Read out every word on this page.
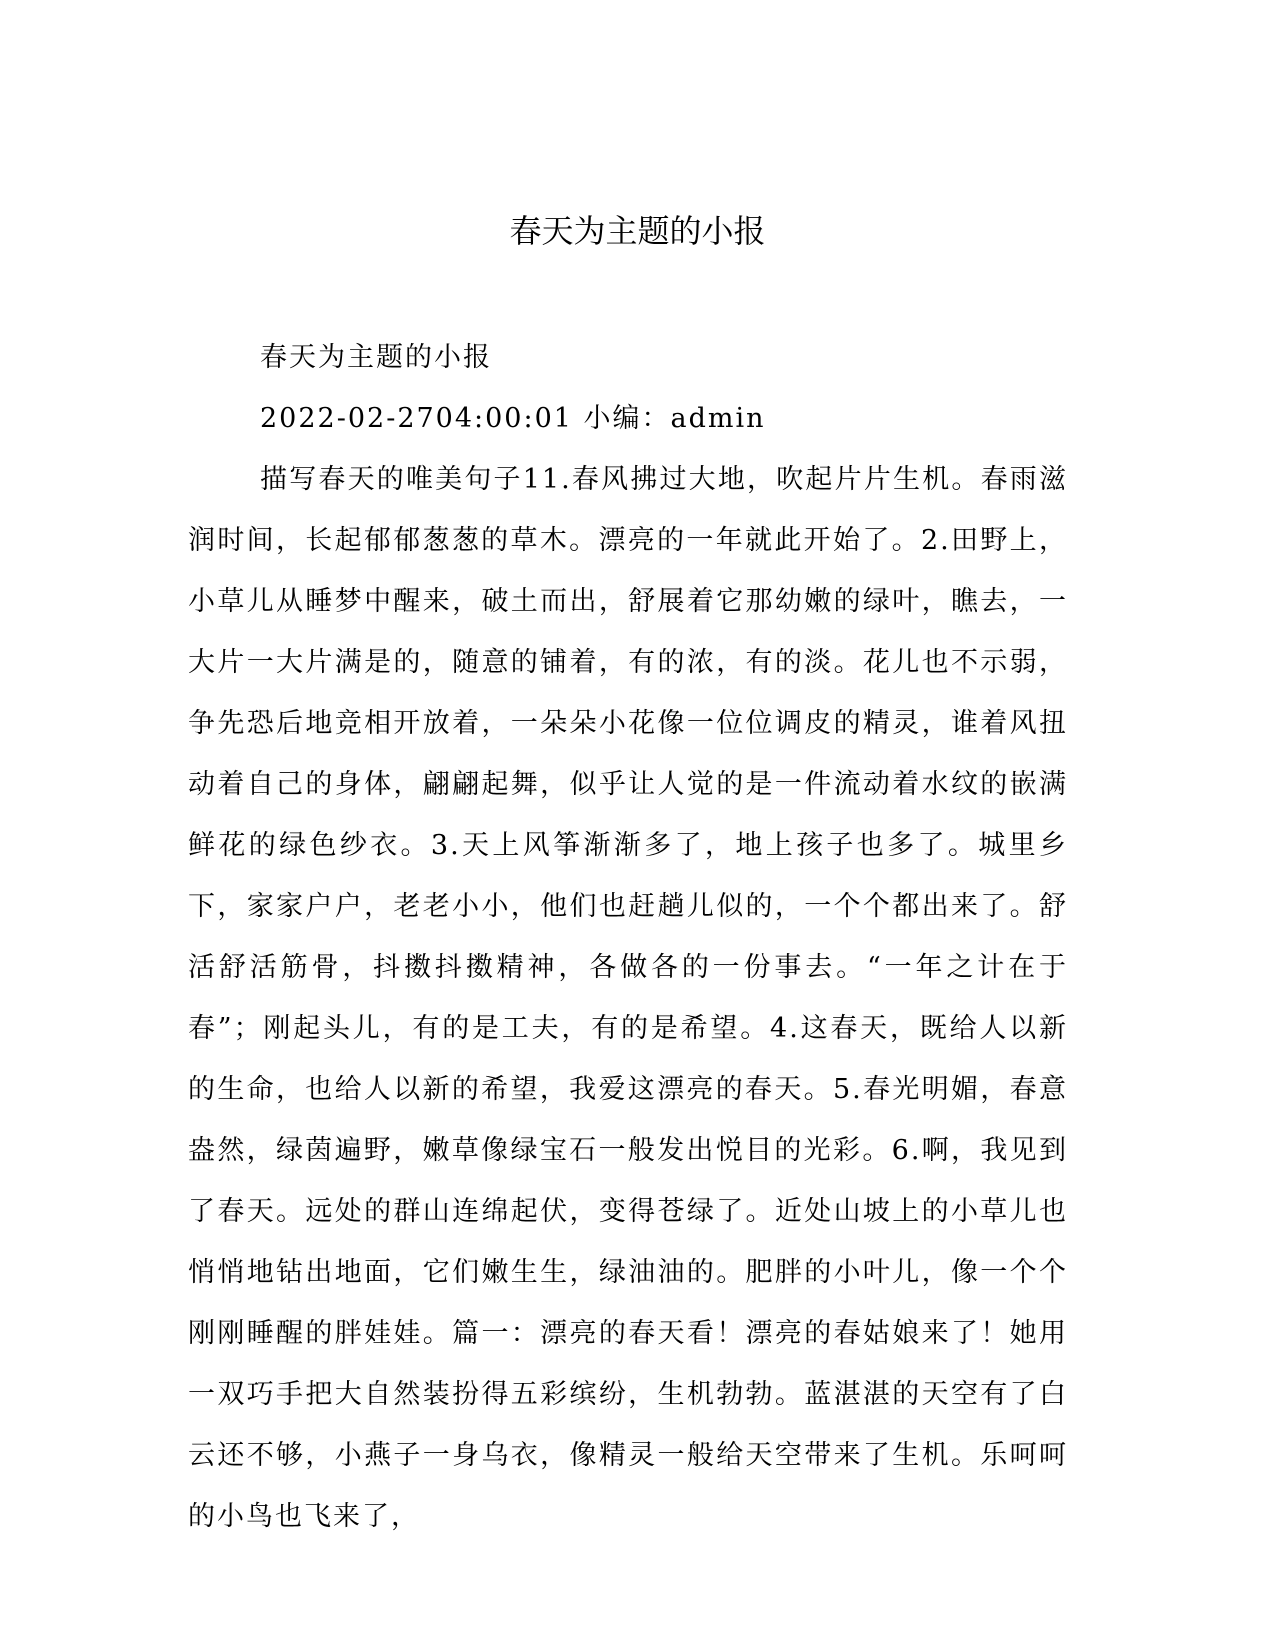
春天为主题的小报

春天为主题的小报

2022-02-2704:00:01 小编：admin

描写春天的唯美句子11.春风拂过大地，吹起片片生机。春雨滋润时间，长起郁郁葱葱的草木。漂亮的一年就此开始了。2.田野上，小草儿从睡梦中醒来，破土而出，舒展着它那幼嫩的绿叶，瞧去，一大片一大片满是的，随意的铺着，有的浓，有的淡。花儿也不示弱，争先恐后地竞相开放着，一朵朵小花像一位位调皮的精灵，谁着风扭动着自己的身体，翩翩起舞，似乎让人觉的是一件流动着水纹的嵌满鲜花的绿色纱衣。3.天上风筝渐渐多了，地上孩子也多了。城里乡下，家家户户，老老小小，他们也赶趟儿似的，一个个都出来了。舒活舒活筋骨，抖擞抖擞精神，各做各的一份事去。“一年之计在于春”；刚起头儿，有的是工夫，有的是希望。4.这春天，既给人以新的生命，也给人以新的希望，我爱这漂亮的春天。5.春光明媚，春意盎然，绿茵遍野，嫩草像绿宝石一般发出悦目的光彩。6.啊，我见到了春天。远处的群山连绵起伏，变得苍绿了。近处山坡上的小草儿也悄悄地钻出地面，它们嫩生生，绿油油的。肥胖的小叶儿，像一个个刚刚睡醒的胖娃娃。篇一：漂亮的春天看！漂亮的春姑娘来了！她用一双巧手把大自然装扮得五彩缤纷，生机勃勃。蓝湛湛的天空有了白云还不够，小燕子一身乌衣，像精灵一般给天空带来了生机。乐呵呵的小鸟也飞来了，
